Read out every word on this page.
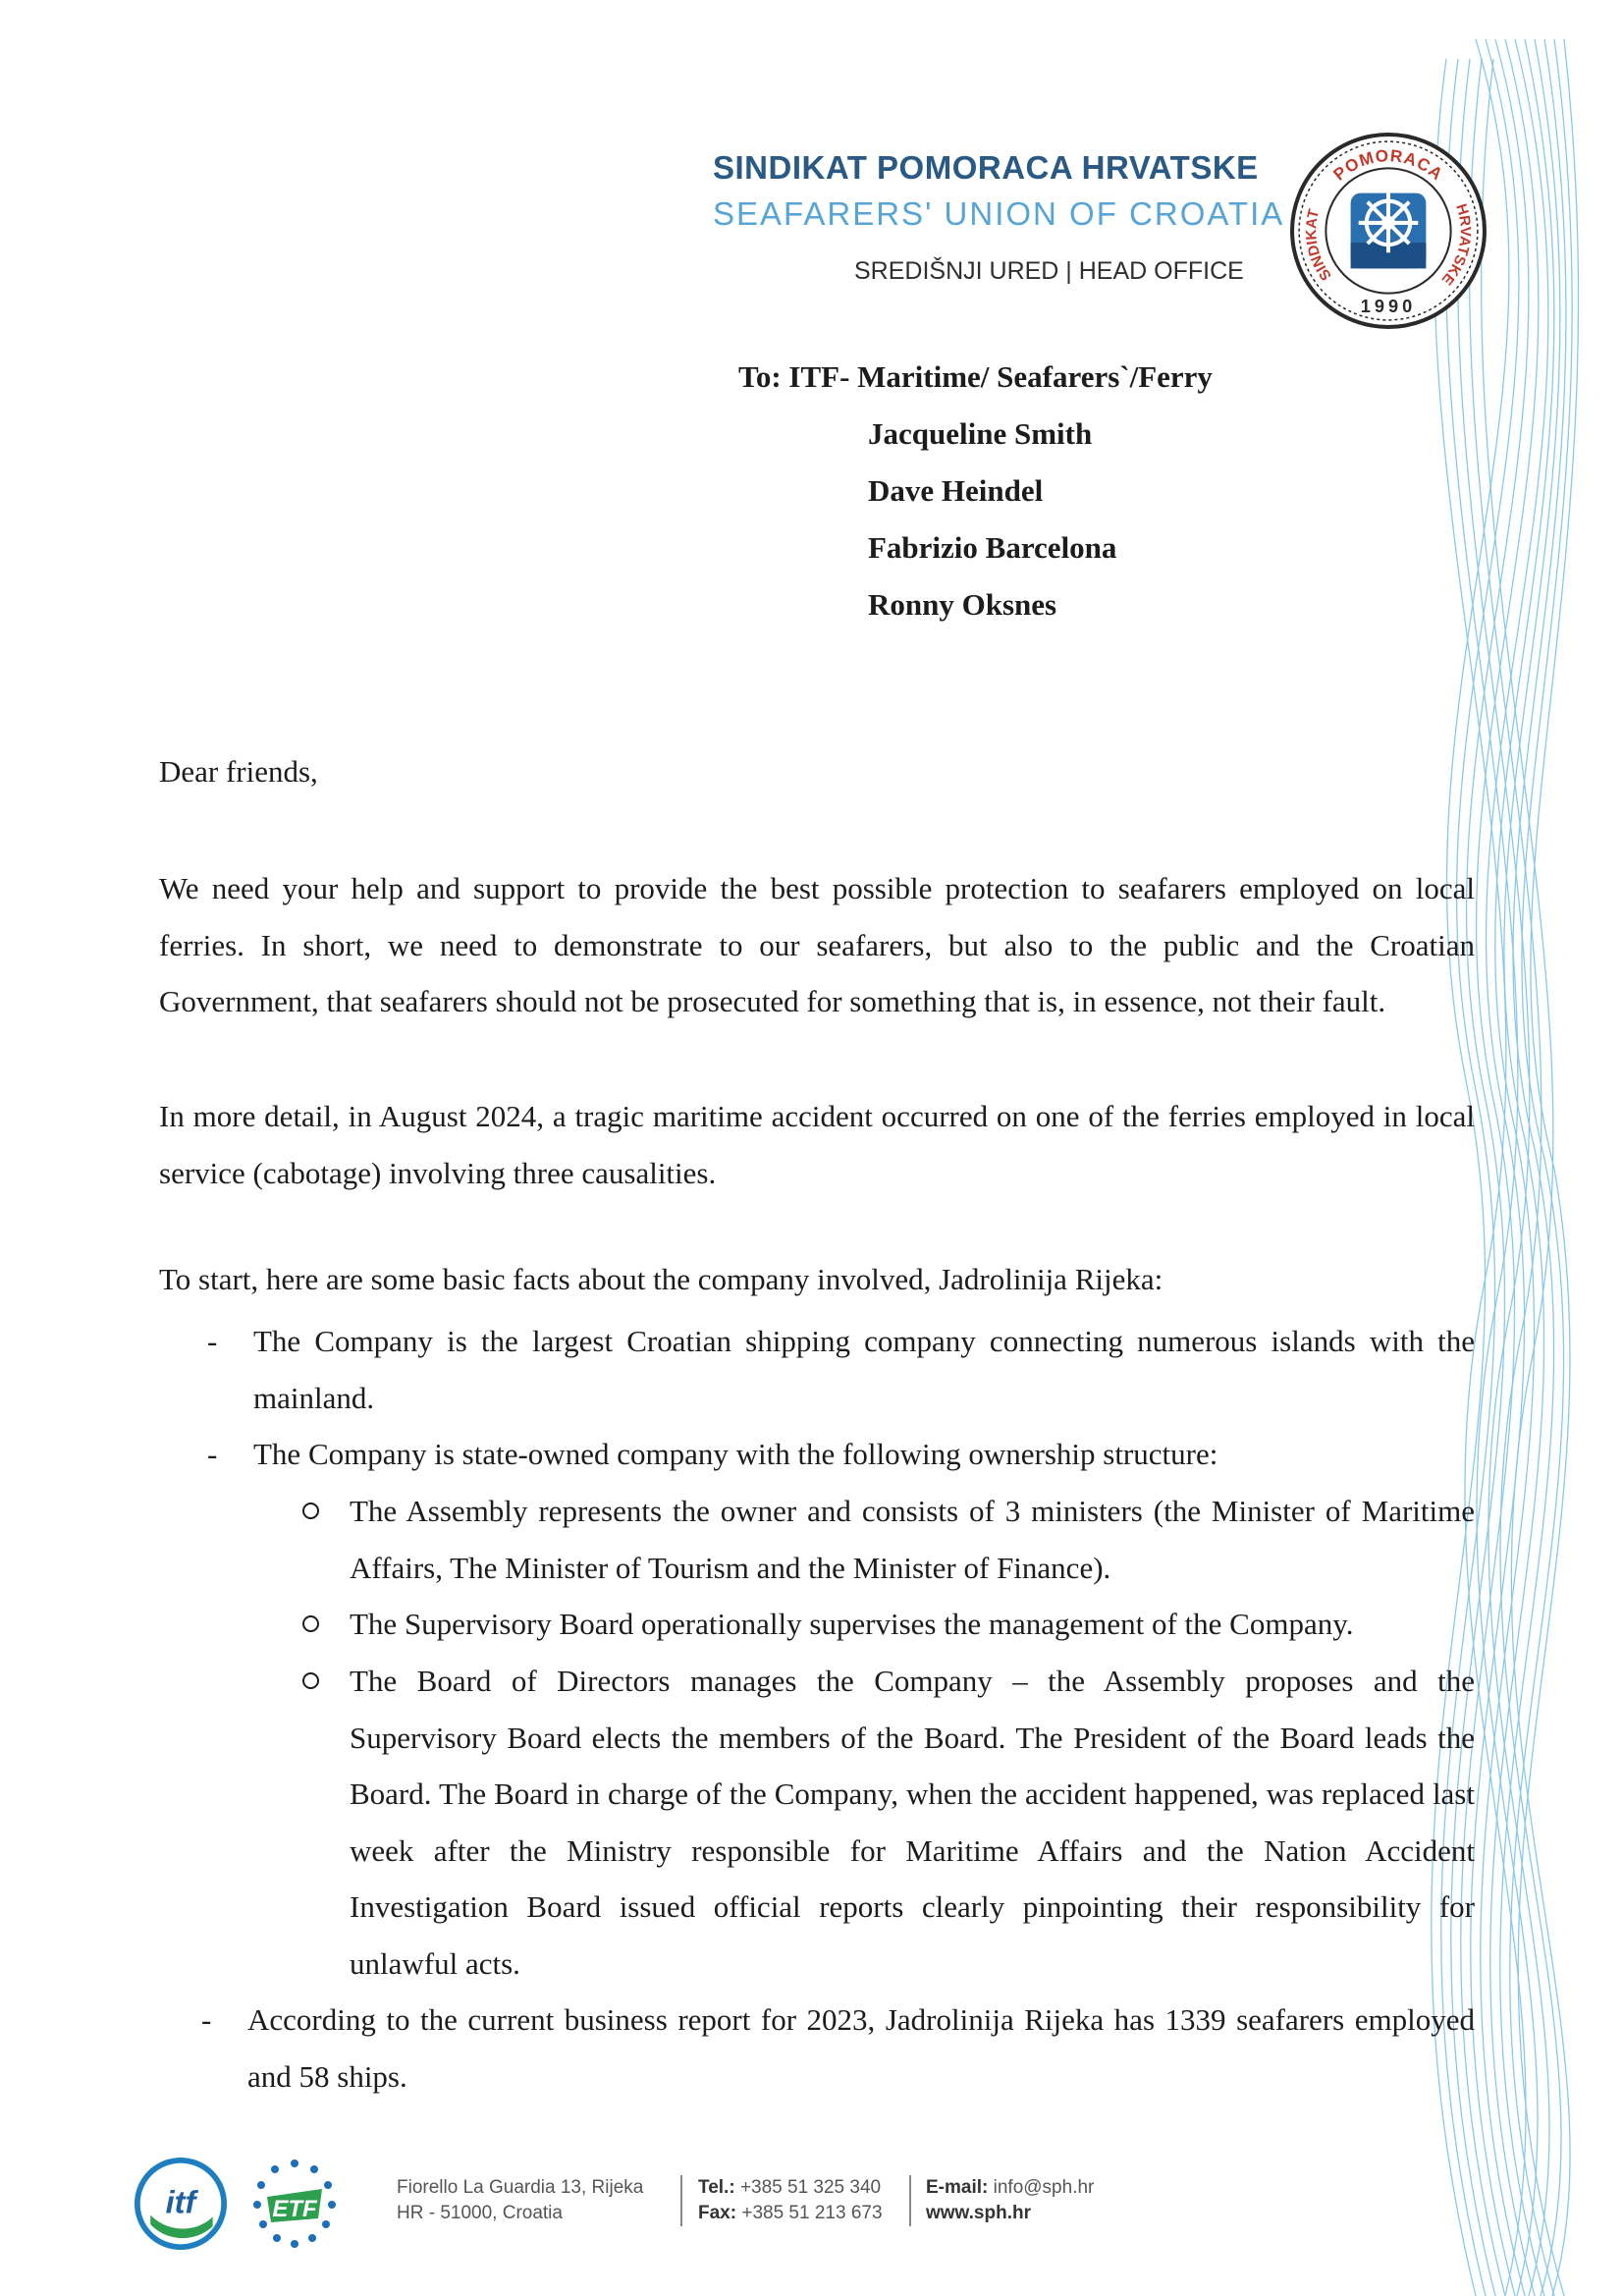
SINDIKAT POMORACA HRVATSKE
SEAFARERS' UNION OF CROATIA
SREDIŠNJI URED | HEAD OFFICE
POMORACA
SINDIKAT	HRVATSKE
1990
To: ITF- Maritime/ Seafarers`/Ferry
Jacqueline Smith
Dave Heindel
Fabrizio Barcelona
Ronny Oksnes
Dear friends,

We need your help and support to provide the best possible protection to seafarers employed on local ferries. In short, we need to demonstrate to our seafarers, but also to the public and the Croatian Government, that seafarers should not be prosecuted for something that is, in essence, not their fault.

In more detail, in August 2024, a tragic maritime accident occurred on one of the ferries employed in local service (cabotage) involving three causalities.

To start, here are some basic facts about the company involved, Jadrolinija Rijeka:
- The Company is the largest Croatian shipping company connecting numerous islands with the mainland.

- The Company is state-owned company with the following ownership structure:

The Assembly represents the owner and consists of 3 ministers (the Minister of Maritime Affairs, The Minister of Tourism and the Minister of Finance).

The Supervisory Board operationally supervises the management of the Company.

The Board of Directors manages the Company – the Assembly proposes and the Supervisory Board elects the members of the Board. The President of the Board leads the Board. The Board in charge of the Company, when the accident happened, was replaced last week after the Ministry responsible for Maritime Affairs and the Nation Accident Investigation Board issued official reports clearly pinpointing their responsibility for unlawful acts.

- According to the current business report for 2023, Jadrolinija Rijeka has 1339 seafarers employed and 58 ships.

itf	ETF
Fiorello La Guardia 13, Rijeka
HR - 51000, Croatia
Tel.: +385 51 325 340
Fax: +385 51 213 673
E-mail: info@sph.hr
www.sph.hr
